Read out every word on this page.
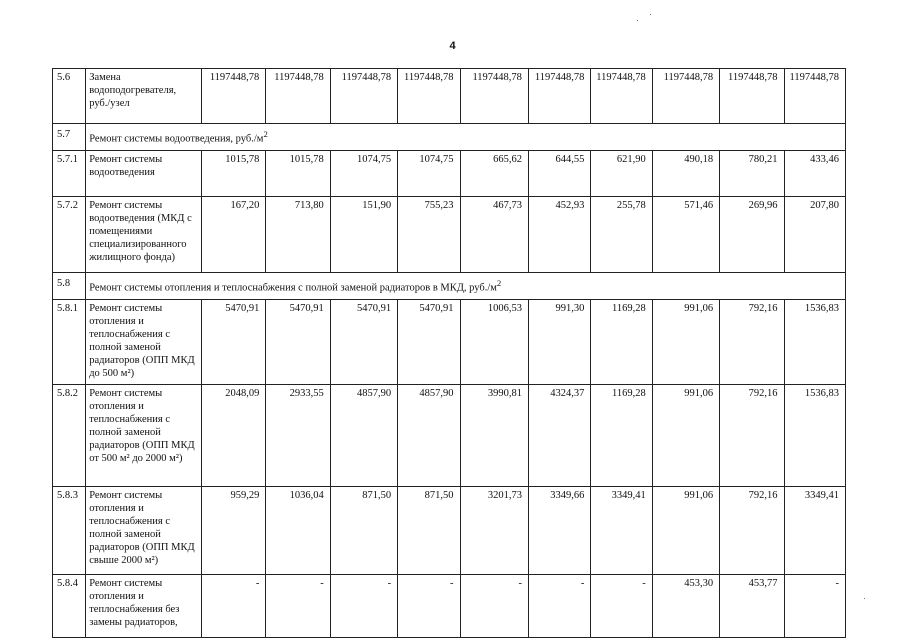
4
5.6	Замена водоподогревателя, руб./узел	1197448,78	1197448,78	1197448,78	1197448,78	1197448,78	1197448,78	1197448,78	1197448,78	1197448,78	1197448,78
5.7	Ремонт системы водоотведения, $руб./м^2$
5.7.1	Ремонт системы водоотведения	1015,78	1015,78	1074,75	1074,75	665,62	644,55	621,90	490,18	780,21	433,46
5.7.2	Ремонт системы водоотведения (МКД с помещениями специализированного жилищного фонда)	167,20	713,80	151,90	755,23	467,73	452,93	255,78	571,46	269,96	207,80
5.8	Ремонт системы отопления и теплоснабжения с полной заменой радиаторов в МКД, $руб./м^2$
5.8.1	Ремонт системы отопления и теплоснабжения с полной заменой радиаторов (ОПП МКД до 500 м²)	5470,91	5470,91	5470,91	5470,91	1006,53	991,30	1169,28	991,06	792,16	1536,83
5.8.2	Ремонт системы отопления и теплоснабжения с полной заменой радиаторов (ОПП МКД от 500 м² до 2000 м²)	2048,09	2933,55	4857,90	4857,90	3990,81	4324,37	1169,28	991,06	792,16	1536,83
5.8.3	Ремонт системы отопления и теплоснабжения с полной заменой радиаторов (ОПП МКД свыше 2000 м²)	959,29	1036,04	871,50	871,50	3201,73	3349,66	3349,41	991,06	792,16	3349,41
5.8.4	Ремонт системы отопления и теплоснабжения без замены радиаторов,	-	-	-	-	-	-	-	453,30	453,77	-
